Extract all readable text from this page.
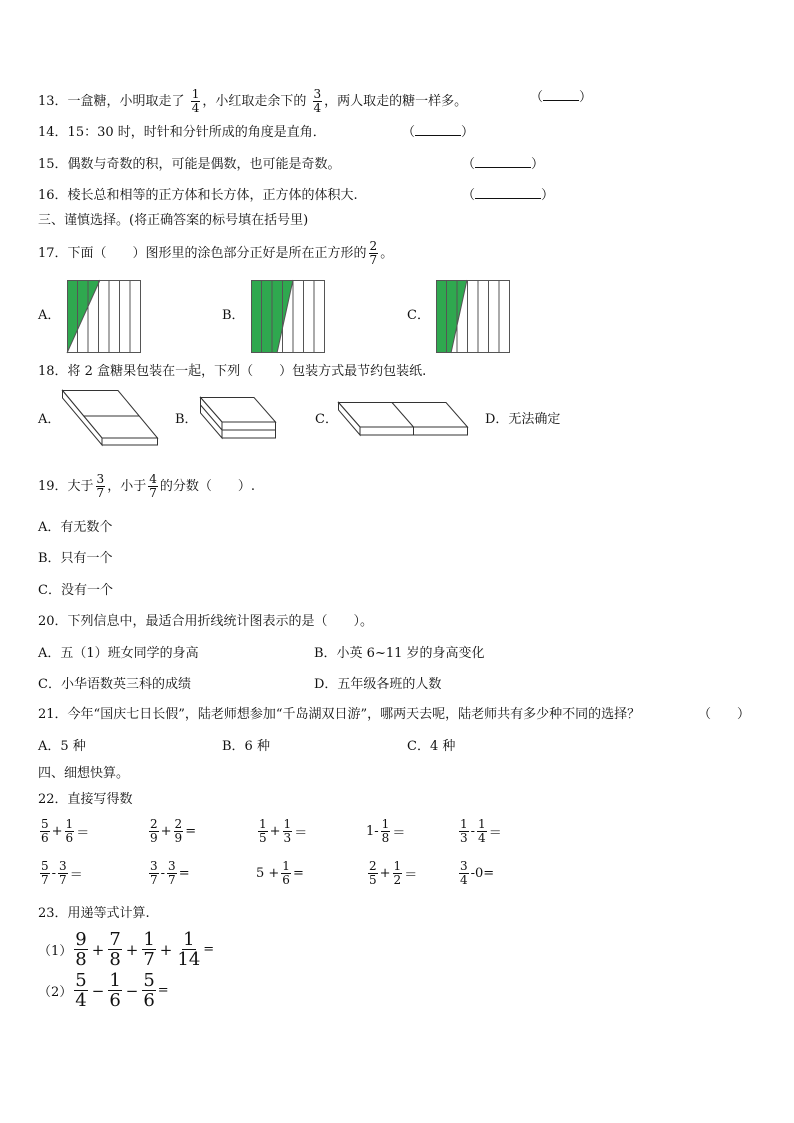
13．一盒糖，小明取走了 $\frac{1}{4}$ ，小红取走余下的 $\frac{3}{4}$ ，两人取走的糖一样多。	（	）
14．15：30 时，时针和分针所成的角度是直角．	（	）
15．偶数与奇数的积，可能是偶数，也可能是奇数。	（	）
16．棱长总和相等的正方体和长方体，正方体的体积大.	（	）
三、谨慎选择。(将正确答案的标号填在括号里)
17．下面（　　）图形里的涂色部分正好是所在正方形的 $\frac{2}{7}$ 。
A．	B．	C．
18．将 2 盒糖果包装在一起，下列（　　）包装方式最节约包装纸.
A．	B．	C．	D．无法确定
19．大于 $\frac{3}{7}$ ，小于 $\frac{4}{7}$ 的分数（　　）.
A．有无数个
B．只有一个
C．没有一个
20．下列信息中，最适合用折线统计图表示的是（　　）。
A．五（1）班女同学的身高	B．小英 6~11 岁的身高变化
C．小华语数英三科的成绩	D．五年级各班的人数
21．今年“国庆七日长假”，陆老师想参加“千岛湖双日游”，哪两天去呢，陆老师共有多少种不同的选择？	（　　）
A．5 种	B．6 种	C．4 种
四、细想快算。
22．直接写得数
$\frac{5}{6} + \frac{1}{6}$ ＝	$\frac{2}{9} + \frac{2}{9}$ =	$\frac{1}{5} + \frac{1}{3}$ ＝	$1- \frac{1}{8}$ ＝	$\frac{1}{3} - \frac{1}{4}$ ＝
$\frac{5}{7} - \frac{3}{7}$ ＝	$\frac{3}{7} - \frac{3}{7}$ =	$5 + \frac{1}{6}$ =	$\frac{2}{5} + \frac{1}{2}$ ＝	$\frac{3}{4} -0=$
23．用递等式计算.
$(1) \frac{9}{8} + \frac{7}{8} + \frac{1}{7} + \frac{1}{14}$ =
$(2) \frac{5}{4} - \frac{1}{6} - \frac{5}{6}$ =
